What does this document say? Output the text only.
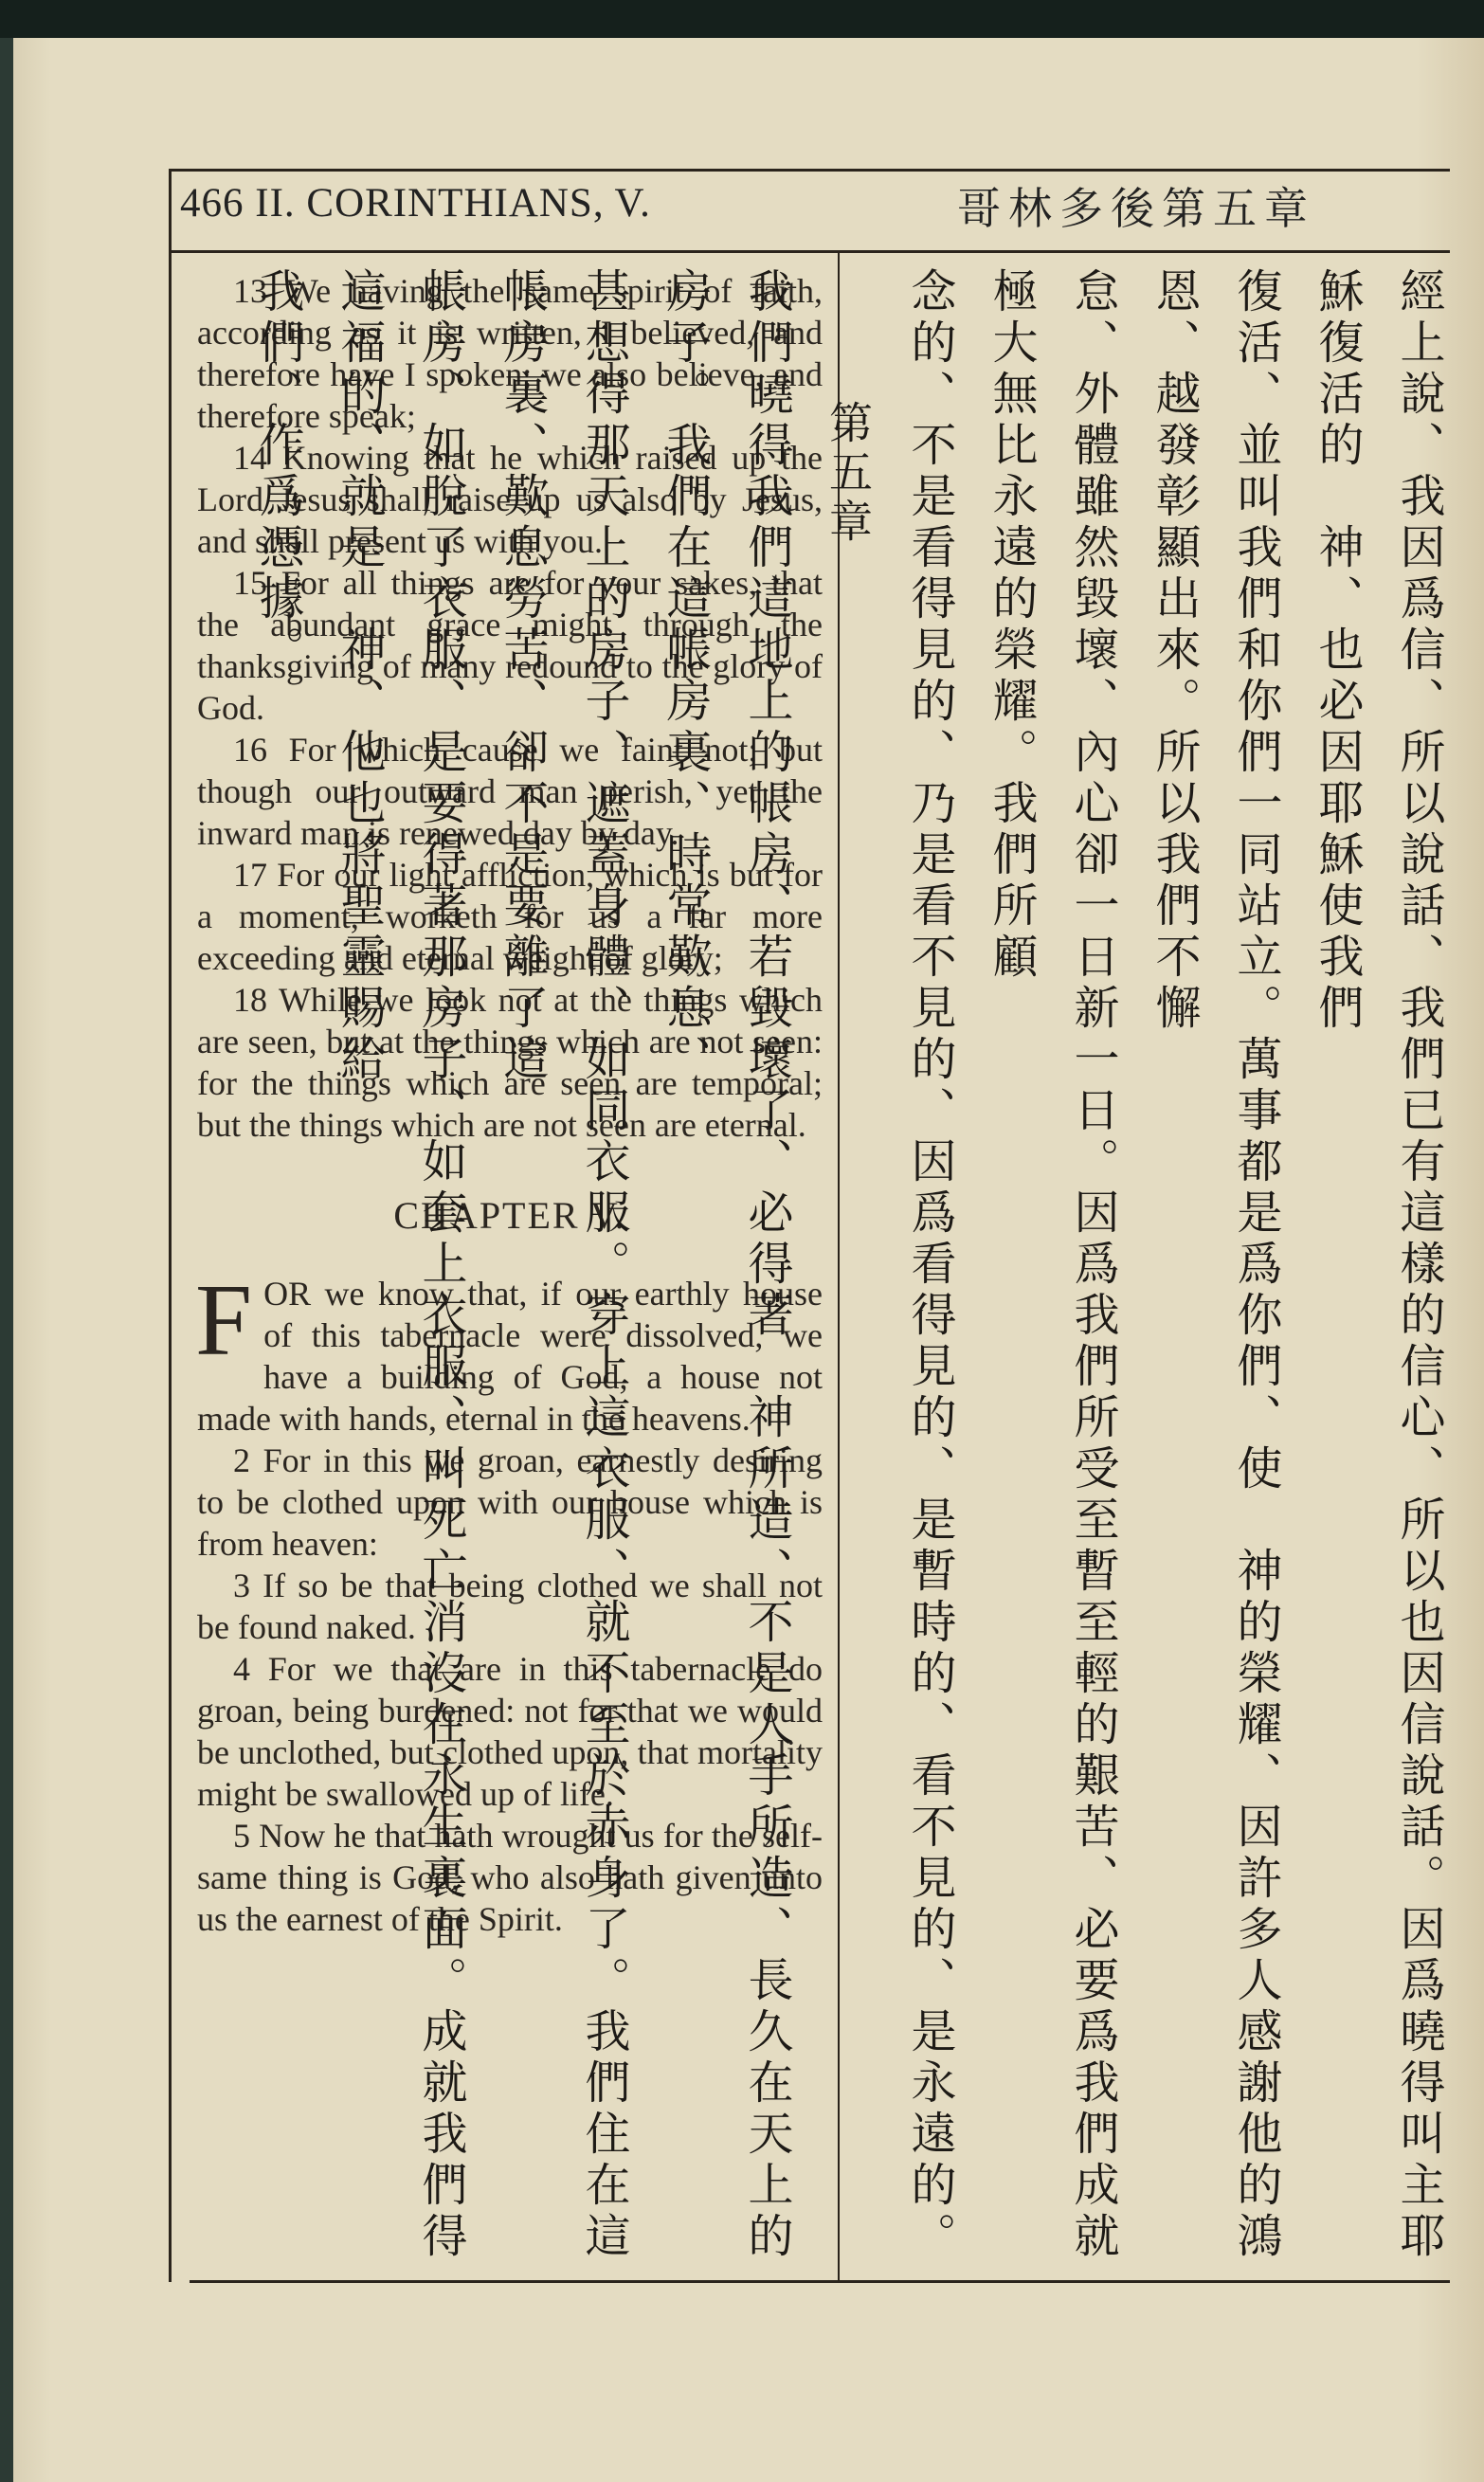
466 II. CORINTHIANS, V.	哥林多後第五章

13 We having the same spirit of faith, according as it is written, I believed, and therefore have I spoken; we also believe, and therefore speak;

14 Knowing that he which raised up the Lord Jesus shall raise up us also by Jesus, and shall present us with you.

15 For all things are for your sakes, that the abundant grace might through the thanksgiving of many redound to the glory of God.

16 For which cause we faint not; but though our outward man perish, yet the inward man is renewed day by day.

17 For our light affliction, which is but for a moment, worketh for us a far more exceeding and eternal weight of glory;

18 While we look not at the things which are seen, but at the things which are not seen: for the things which are seen are temporal; but the things which are not seen are eternal.

CHAPTER V.

FOR we know that, if our earthly house of this tabernacle were dissolved, we have a building of God, a house not made with hands, eternal in the heavens.

2 For in this we groan, earnestly desiring to be clothed upon with our house which is from heaven:

3 If so be that being clothed we shall not be found naked.

4 For we that are in this tabernacle do groan, being burdened: not for that we would be unclothed, but clothed upon, that mortality might be swallowed up of life.

5 Now he that hath wrought us for the self-same thing is God, who also hath given unto us the earnest of the Spirit.	經上說、我因爲信、所以說話、我們已有這樣的信心、所以也因信說話。因爲曉得叫主耶穌復活的　神、也必因耶穌使我們

復活、並叫我們和你們一同站立。萬事都是爲你們、使　神的榮耀、因許多人感謝他的鴻恩、越發彰顯出來。所以我們不懈

怠、外體雖然毀壞、內心卻一日新一日。因爲我們所受至暫至輕的艱苦、必要爲我們成就極大無比永遠的榮耀。我們所顧

念的、不是看得見的、乃是看不見的、因爲看得見的、是暫時的、看不見的、是永遠的。

第五章

我們曉得我們這地上的帳房、若毀壞了、必得著　神所造、不是人手所造、長久在天上的房子。我們在這帳房裏、時常歎息、

甚想得那天上的房子、遮蓋身體、如同衣服。穿上這衣服、就不至於赤身了。我們住在這帳房裏、歎息勞苦、卻不是要離了這

帳房、如脫了衣服、是要得著那房子、如套上衣服、叫死亡消沒在永生裏面。成就我們得這福的、就是　神、他也將聖靈賜給

我們、作爲憑據。
